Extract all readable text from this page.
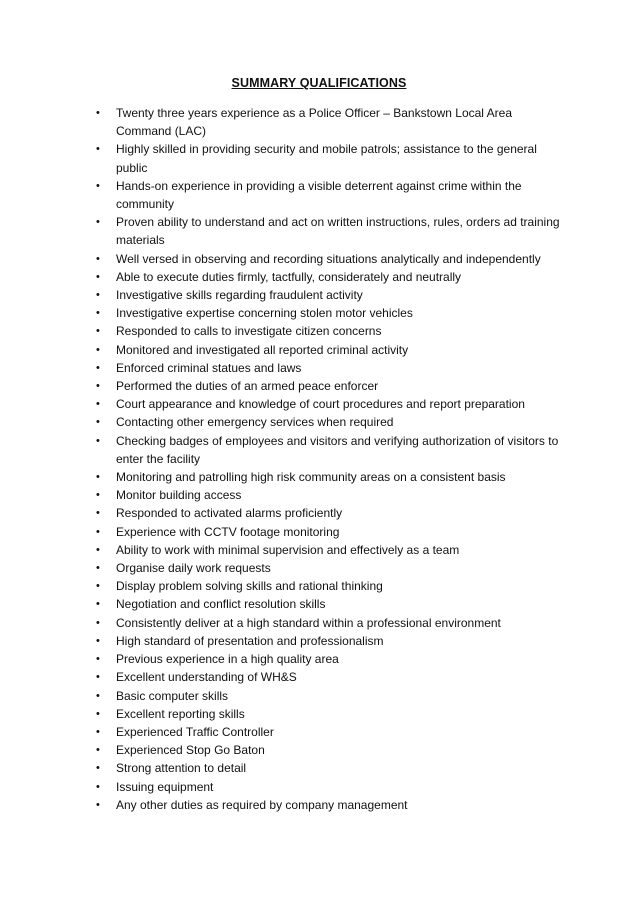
SUMMARY QUALIFICATIONS
• Twenty three years experience as a Police Officer – Bankstown Local Area Command (LAC)
• Highly skilled in providing security and mobile patrols; assistance to the general public
• Hands-on experience in providing a visible deterrent against crime within the community
• Proven ability to understand and act on written instructions, rules, orders ad training materials
• Well versed in observing and recording situations analytically and independently
• Able to execute duties firmly, tactfully, considerately and neutrally
• Investigative skills regarding fraudulent activity
• Investigative expertise concerning stolen motor vehicles
• Responded to calls to investigate citizen concerns
• Monitored and investigated all reported criminal activity
• Enforced criminal statues and laws
• Performed the duties of an armed peace enforcer
• Court appearance and knowledge of court procedures and report preparation
• Contacting other emergency services when required
• Checking badges of employees and visitors and verifying authorization of visitors to enter the facility
• Monitoring and patrolling high risk community areas on a consistent basis
• Monitor building access
• Responded to activated alarms proficiently
• Experience with CCTV footage monitoring
• Ability to work with minimal supervision and effectively as a team
• Organise daily work requests
• Display problem solving skills and rational thinking
• Negotiation and conflict resolution skills
• Consistently deliver at a high standard within a professional environment
• High standard of presentation and professionalism
• Previous experience in a high quality area
• Excellent understanding of WH&S
• Basic computer skills
• Excellent reporting skills
• Experienced Traffic Controller
• Experienced Stop Go Baton
• Strong attention to detail
• Issuing equipment
• Any other duties as required by company management
